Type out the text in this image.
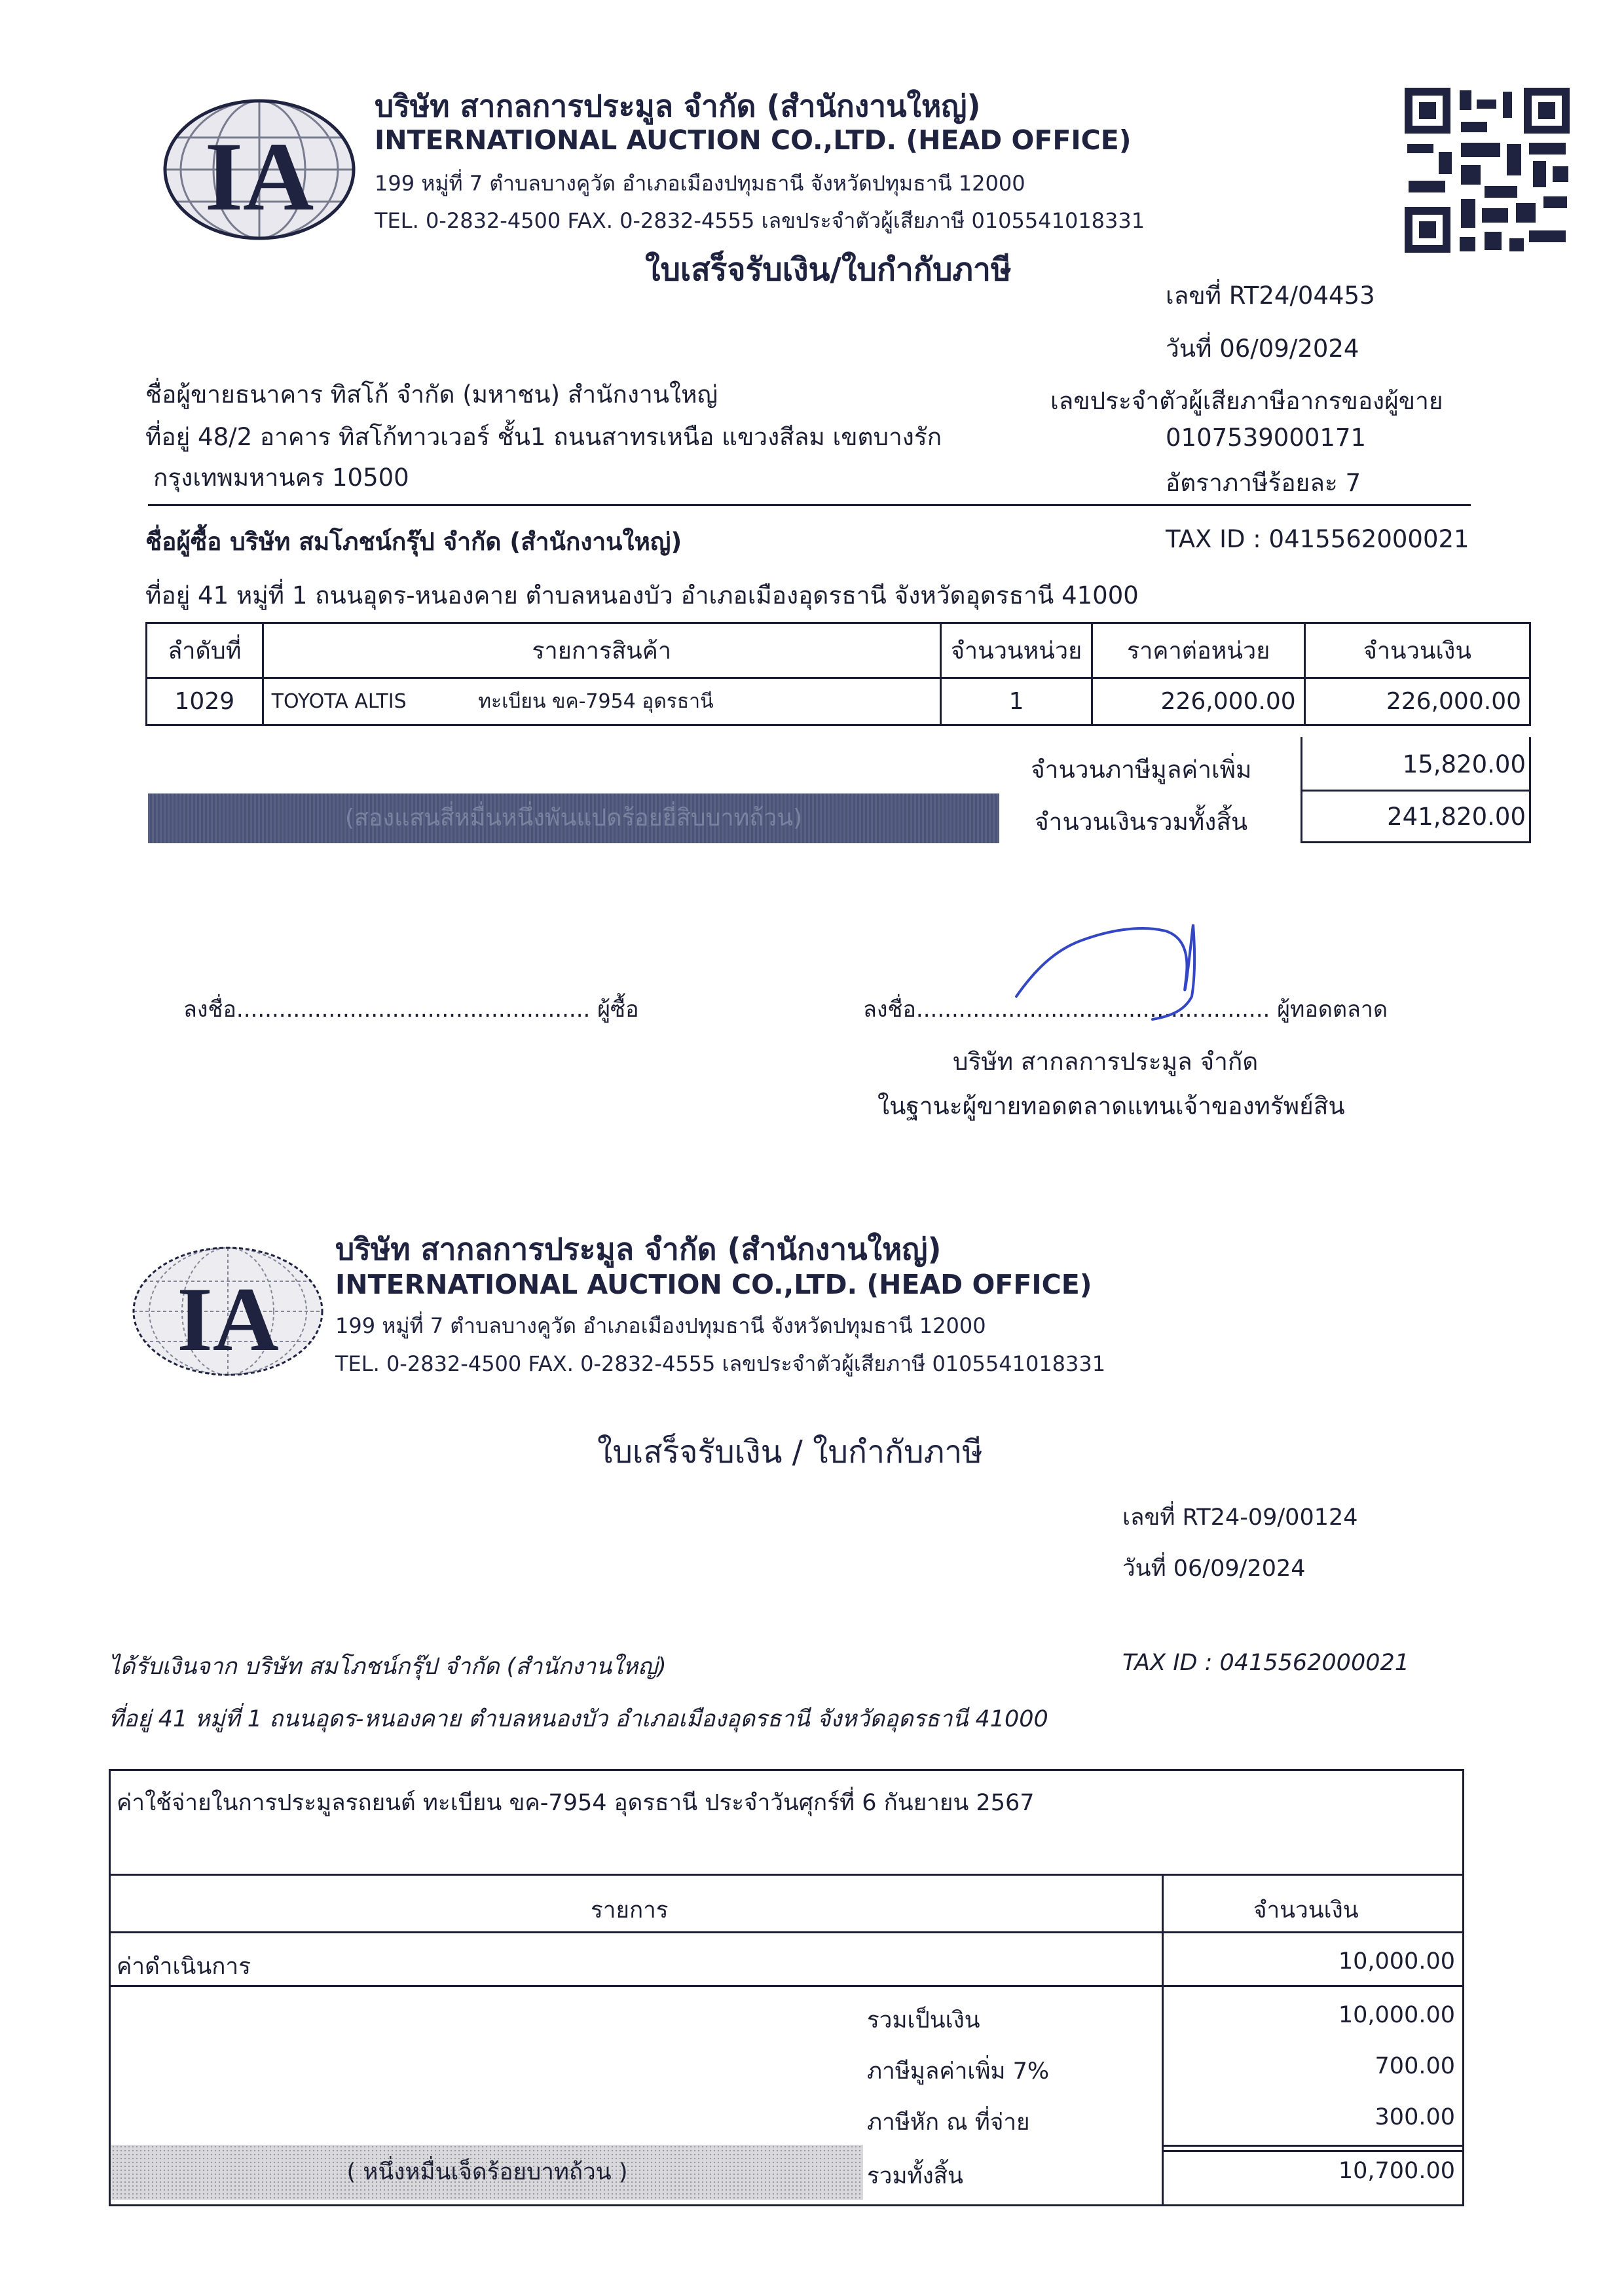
IA
บริษัท สากลการประมูล จำกัด (สำนักงานใหญ่)
INTERNATIONAL AUCTION CO.,LTD. (HEAD OFFICE)
199 หมู่ที่ 7 ตำบลบางคูวัด อำเภอเมืองปทุมธานี จังหวัดปทุมธานี 12000
TEL. 0-2832-4500 FAX. 0-2832-4555 เลขประจำตัวผู้เสียภาษี 0105541018331
ใบเสร็จรับเงิน/ใบกำกับภาษี
เลขที่ RT24/04453
วันที่ 06/09/2024
ชื่อผู้ขายธนาคาร ทิสโก้ จำกัด (มหาชน) สำนักงานใหญ่
ที่อยู่ 48/2 อาคาร ทิสโก้ทาวเวอร์ ชั้น1 ถนนสาทรเหนือ แขวงสีลม เขตบางรัก
กรุงเทพมหานคร 10500
เลขประจำตัวผู้เสียภาษีอากรของผู้ขาย
0107539000171
อัตราภาษีร้อยละ 7
ชื่อผู้ซื้อ บริษัท สมโภชน์กรุ๊ป จำกัด (สำนักงานใหญ่)	TAX ID : 0415562000021
ที่อยู่ 41 หมู่ที่ 1 ถนนอุดร-หนองคาย ตำบลหนองบัว อำเภอเมืองอุดรธานี จังหวัดอุดรธานี 41000
ลำดับที่	รายการสินค้า	จำนวนหน่วย	ราคาต่อหน่วย	จำนวนเงิน
1029	TOYOTA ALTIS ทะเบียน ขค-7954 อุดรธานี	1	226,000.00	226,000.00
จำนวนภาษีมูลค่าเพิ่ม	15,820.00
(สองแสนสี่หมื่นหนึ่งพันแปดร้อยยี่สิบบาทถ้วน)	จำนวนเงินรวมทั้งสิ้น	241,820.00
ลงชื่อ.................................................. ผู้ซื้อ	ลงชื่อ.................................................. ผู้ทอดตลาด
บริษัท สากลการประมูล จำกัด
ในฐานะผู้ขายทอดตลาดแทนเจ้าของทรัพย์สิน
IA
บริษัท สากลการประมูล จำกัด (สำนักงานใหญ่)
INTERNATIONAL AUCTION CO.,LTD. (HEAD OFFICE)
199 หมู่ที่ 7 ตำบลบางคูวัด อำเภอเมืองปทุมธานี จังหวัดปทุมธานี 12000
TEL. 0-2832-4500 FAX. 0-2832-4555 เลขประจำตัวผู้เสียภาษี 0105541018331
ใบเสร็จรับเงิน / ใบกำกับภาษี
เลขที่ RT24-09/00124
วันที่ 06/09/2024
ได้รับเงินจาก บริษัท สมโภชน์กรุ๊ป จำกัด (สำนักงานใหญ่)	TAX ID : 0415562000021
ที่อยู่ 41 หมู่ที่ 1 ถนนอุดร-หนองคาย ตำบลหนองบัว อำเภอเมืองอุดรธานี จังหวัดอุดรธานี 41000
ค่าใช้จ่ายในการประมูลรถยนต์ ทะเบียน ขค-7954 อุดรธานี ประจำวันศุกร์ที่ 6 กันยายน 2567
รายการ	จำนวนเงิน
ค่าดำเนินการ	10,000.00
รวมเป็นเงิน	10,000.00
ภาษีมูลค่าเพิ่ม 7%	700.00
ภาษีหัก ณ ที่จ่าย	300.00
( หนึ่งหมื่นเจ็ดร้อยบาทถ้วน )	รวมทั้งสิ้น	10,700.00
